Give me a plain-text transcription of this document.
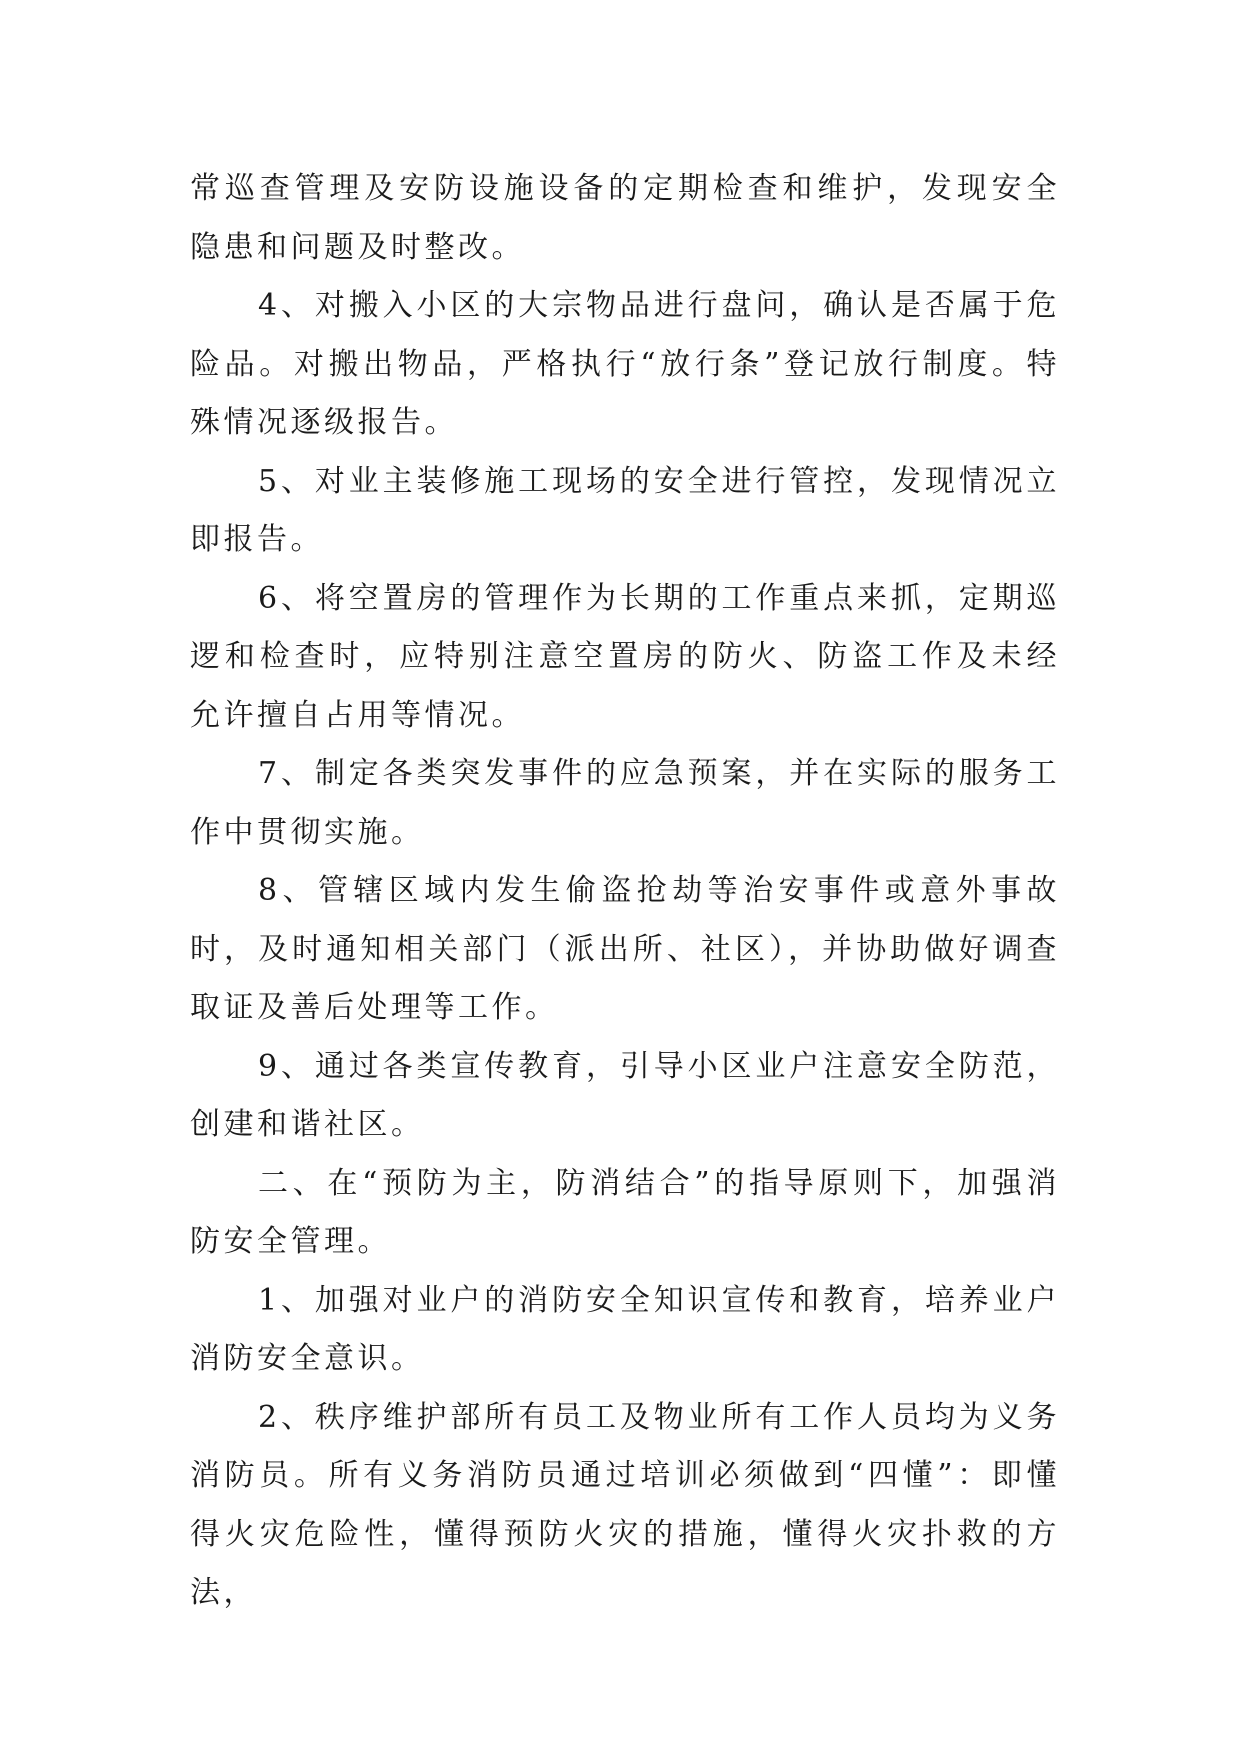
常巡查管理及安防设施设备的定期检查和维护，发现安全隐患和问题及时整改。

4、对搬入小区的大宗物品进行盘问，确认是否属于危险品。对搬出物品，严格执行“放行条”登记放行制度。特殊情况逐级报告。

5、对业主装修施工现场的安全进行管控，发现情况立即报告。

6、将空置房的管理作为长期的工作重点来抓，定期巡逻和检查时，应特别注意空置房的防火、防盗工作及未经允许擅自占用等情况。

7、制定各类突发事件的应急预案，并在实际的服务工作中贯彻实施。

8、管辖区域内发生偷盗抢劫等治安事件或意外事故时，及时通知相关部门（派出所、社区），并协助做好调查取证及善后处理等工作。

9、通过各类宣传教育，引导小区业户注意安全防范，创建和谐社区。

二、在“预防为主，防消结合”的指导原则下，加强消防安全管理。

1、加强对业户的消防安全知识宣传和教育，培养业户消防安全意识。

2、秩序维护部所有员工及物业所有工作人员均为义务消防员。所有义务消防员通过培训必须做到“四懂”：即懂得火灾危险性，懂得预防火灾的措施，懂得火灾扑救的方法，
